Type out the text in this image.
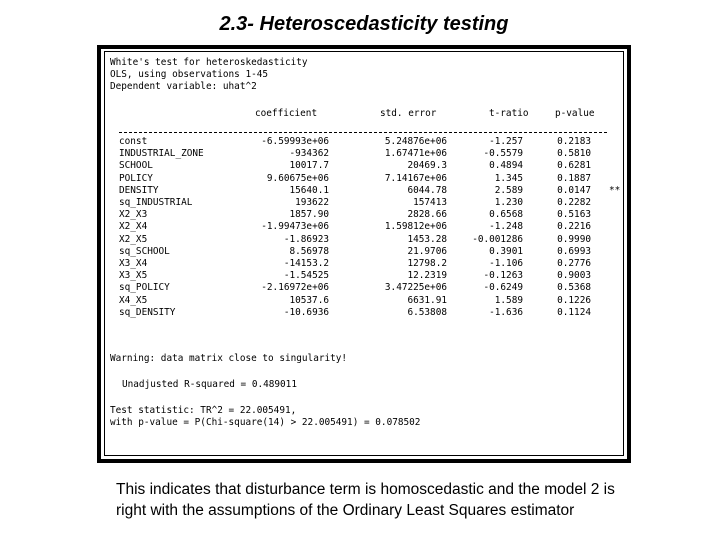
2.3- Heteroscedasticity testing
White's test for heteroskedasticity
OLS, using observations 1-45
Dependent variable: uhat^2
coefficient	std. error	t-ratio	p-value
const	-6.59993e+06	5.24876e+06	-1.257	0.2183
INDUSTRIAL_ZONE	-934362	1.67471e+06	-0.5579	0.5810
SCHOOL	10017.7	20469.3	0.4894	0.6281
POLICY	9.60675e+06	7.14167e+06	1.345	0.1887
DENSITY	15640.1	6044.78	2.589	0.0147 **
sq_INDUSTRIAL	193622	157413	1.230	0.2282
X2_X3	1857.90	2828.66	0.6568	0.5163
X2_X4	-1.99473e+06	1.59812e+06	-1.248	0.2216
X2_X5	-1.86923	1453.28	-0.001286	0.9990
sq_SCHOOL	8.56978	21.9706	0.3901	0.6993
X3_X4	-14153.2	12798.2	-1.106	0.2776
X3_X5	-1.54525	12.2319	-0.1263	0.9003
sq_POLICY	-2.16972e+06	3.47225e+06	-0.6249	0.5368
X4_X5	10537.6	6631.91	1.589	0.1226
sq_DENSITY	-10.6936	6.53808	-1.636	0.1124
Warning: data matrix close to singularity!
Unadjusted R-squared = 0.489011
Test statistic: TR^2 = 22.005491,
with p-value = P(Chi-square(14) > 22.005491) = 0.078502
This indicates that disturbance term is homoscedastic and the model 2 is right with the assumptions of the Ordinary Least Squares estimator
